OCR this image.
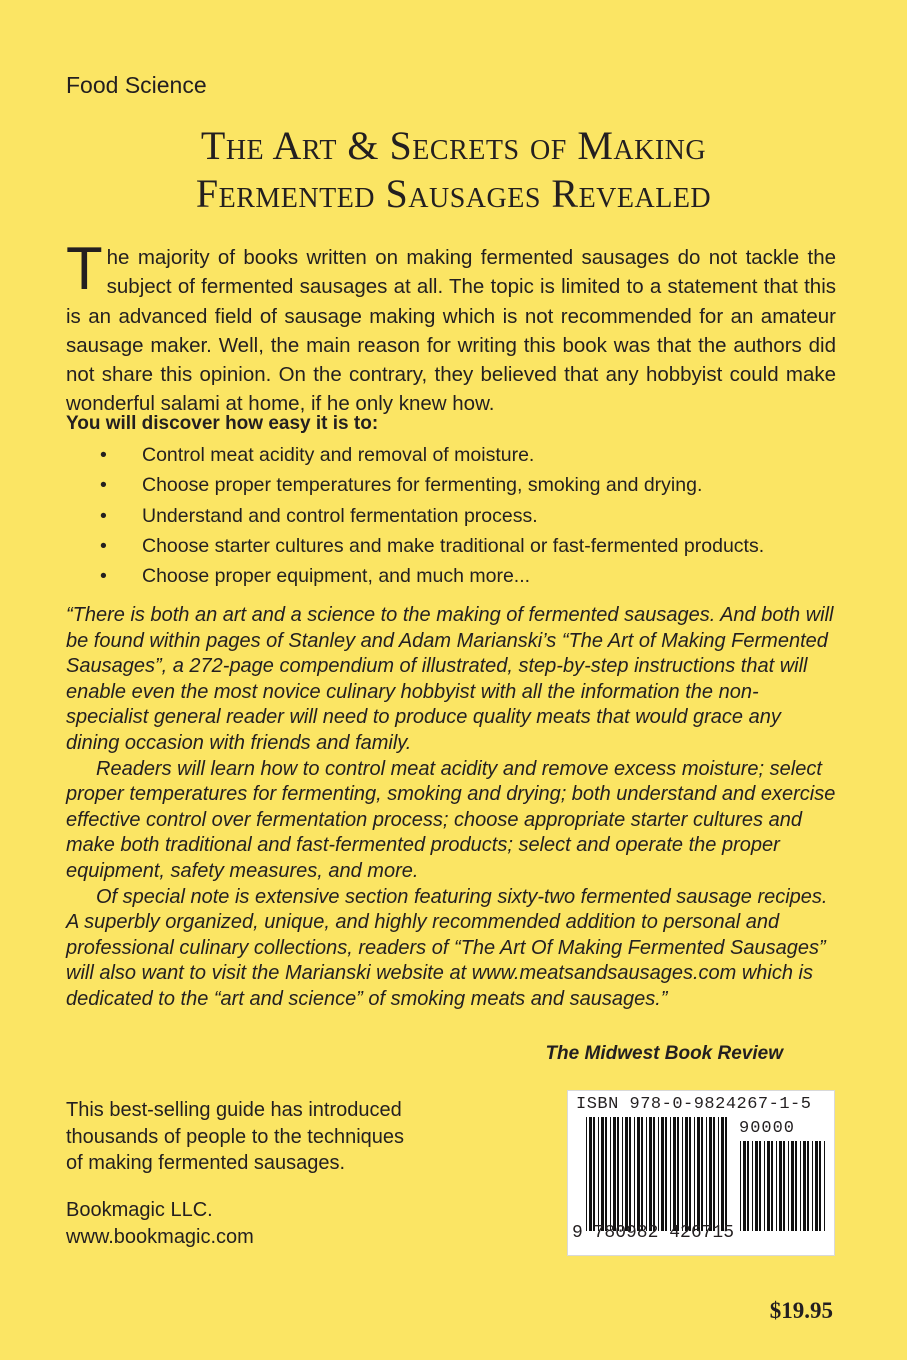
Food Science
The Art & Secrets of Making
Fermented Sausages Revealed
The majority of books written on making fermented sausages do not tackle the subject of fermented sausages at all. The topic is limited to a statement that this is an advanced field of sausage making which is not recommended for an amateur sausage maker. Well, the main reason for writing this book was that the authors did not share this opinion. On the contrary, they believed that any hobbyist could make wonderful salami at home, if he only knew how.
You will discover how easy it is to:
• Control meat acidity and removal of moisture.
• Choose proper temperatures for fermenting, smoking and drying.
• Understand and control fermentation process.
• Choose starter cultures and make traditional or fast-fermented products.
• Choose proper equipment, and much more...

“There is both an art and a science to the making of fermented sausages. And both will be found within pages of Stanley and Adam Marianski’s “The Art of Making Fermented Sausages”, a 272-page compendium of illustrated, step-by-step instructions that will enable even the most novice culinary hobbyist with all the information the non-specialist general reader will need to produce quality meats that would grace any dining occasion with friends and family.

Readers will learn how to control meat acidity and remove excess moisture; select proper temperatures for fermenting, smoking and drying; both understand and exercise effective control over fermentation process; choose appropriate starter cultures and make both traditional and fast-fermented products; select and operate the proper equipment, safety measures, and more.

Of special note is extensive section featuring sixty-two fermented sausage recipes. A superbly organized, unique, and highly recommended addition to personal and professional culinary collections, readers of “The Art Of Making Fermented Sausages” will also want to visit the Marianski website at www.meatsandsausages.com which is dedicated to the “art and science” of smoking meats and sausages.”

The Midwest Book Review
This best-selling guide has introduced
thousands of people to the techniques
of making fermented sausages.
Bookmagic LLC.
www.bookmagic.com
ISBN 978-0-9824267-1-5
90000
9 780982 426715
$19.95
